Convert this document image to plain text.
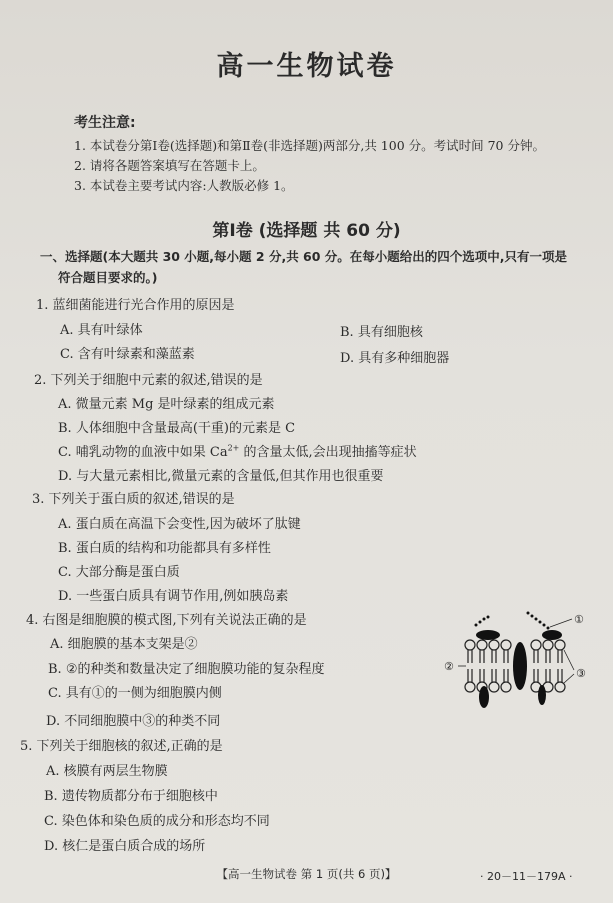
高一生物试卷
考生注意:
1. 本试卷分第Ⅰ卷(选择题)和第Ⅱ卷(非选择题)两部分,共 100 分。考试时间 70 分钟。
2. 请将各题答案填写在答题卡上。
3. 本试卷主要考试内容:人教版必修 1。
第Ⅰ卷 (选择题 共 60 分)
一、选择题(本大题共 30 小题,每小题 2 分,共 60 分。在每小题给出的四个选项中,只有一项是
符合题目要求的。)
1. 蓝细菌能进行光合作用的原因是
A. 具有叶绿体	B. 具有细胞核
C. 含有叶绿素和藻蓝素	D. 具有多种细胞器
2. 下列关于细胞中元素的叙述,错误的是
A. 微量元素 Mg 是叶绿素的组成元素
B. 人体细胞中含量最高(干重)的元素是 C
C. 哺乳动物的血液中如果 $Ca^{2+}$ 的含量太低,会出现抽搐等症状
D. 与大量元素相比,微量元素的含量低,但其作用也很重要
3. 下列关于蛋白质的叙述,错误的是
A. 蛋白质在高温下会变性,因为破坏了肽键
B. 蛋白质的结构和功能都具有多样性
C. 大部分酶是蛋白质
D. 一些蛋白质具有调节作用,例如胰岛素
4. 右图是细胞膜的模式图,下列有关说法正确的是
A. 细胞膜的基本支架是②
B. ②的种类和数量决定了细胞膜功能的复杂程度
C. 具有①的一侧为细胞膜内侧
D. 不同细胞膜中③的种类不同
5. 下列关于细胞核的叙述,正确的是
A. 核膜有两层生物膜
B. 遗传物质都分布于细胞核中
C. 染色体和染色质的成分和形态均不同
D. 核仁是蛋白质合成的场所
①
②
③
【高一生物试卷 第 1 页(共 6 页)】	· 20－11－179A ·
